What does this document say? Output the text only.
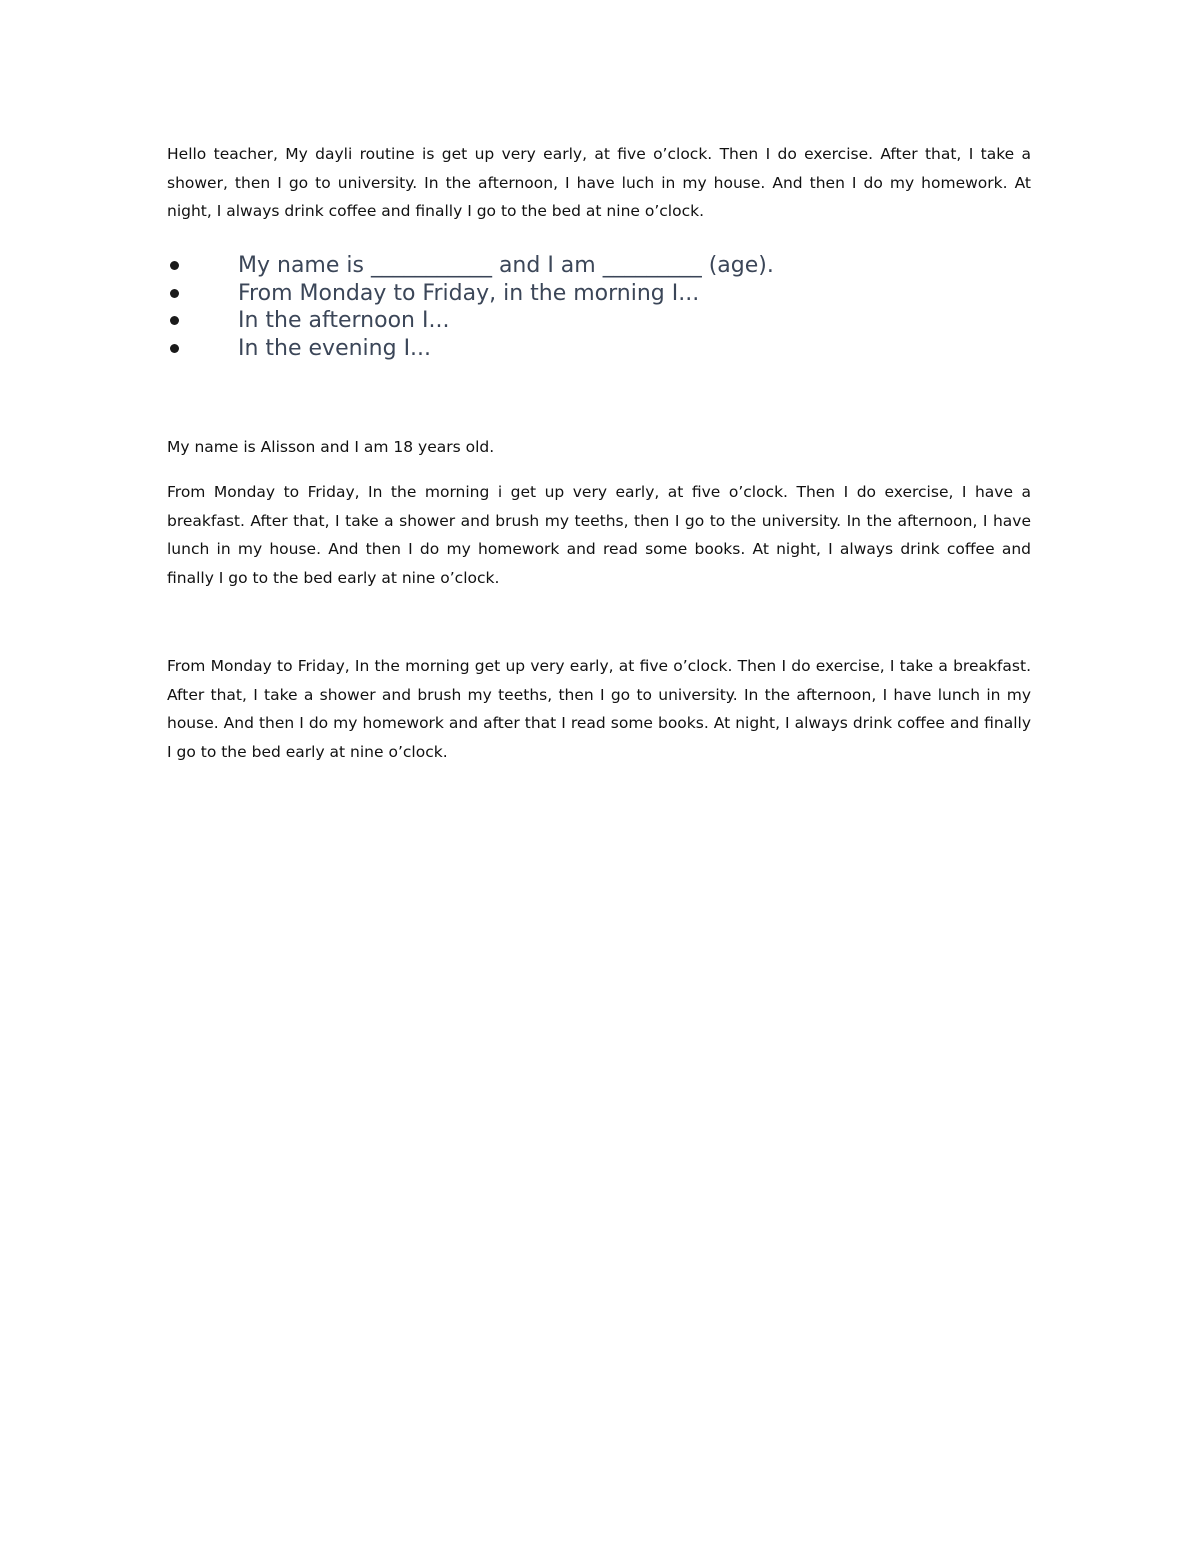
Hello teacher, My dayli routine is get up very early, at five o’clock. Then I do exercise. After that, I take a shower, then I go to university. In the afternoon, I have luch in my house. And then I do my homework. At night, I always drink coffee and finally I go to the bed at nine o’clock.

My name is ___________ and I am _________ (age).
From Monday to Friday, in the morning I...
In the afternoon I...
In the evening I...

My name is Alisson and I am 18 years old.

From Monday to Friday, In the morning i get up very early, at five o’clock. Then I do exercise, I have a breakfast. After that, I take a shower and brush my teeths, then I go to the university. In the afternoon, I have lunch in my house. And then I do my homework and read some books. At night, I always drink coffee and finally I go to the bed early at nine o’clock.

From Monday to Friday, In the morning get up very early, at five o’clock. Then I do exercise, I take a breakfast. After that, I take a shower and brush my teeths, then I go to university. In the afternoon, I have lunch in my house. And then I do my homework and after that I read some books. At night, I always drink coffee and finally I go to the bed early at nine o’clock.
